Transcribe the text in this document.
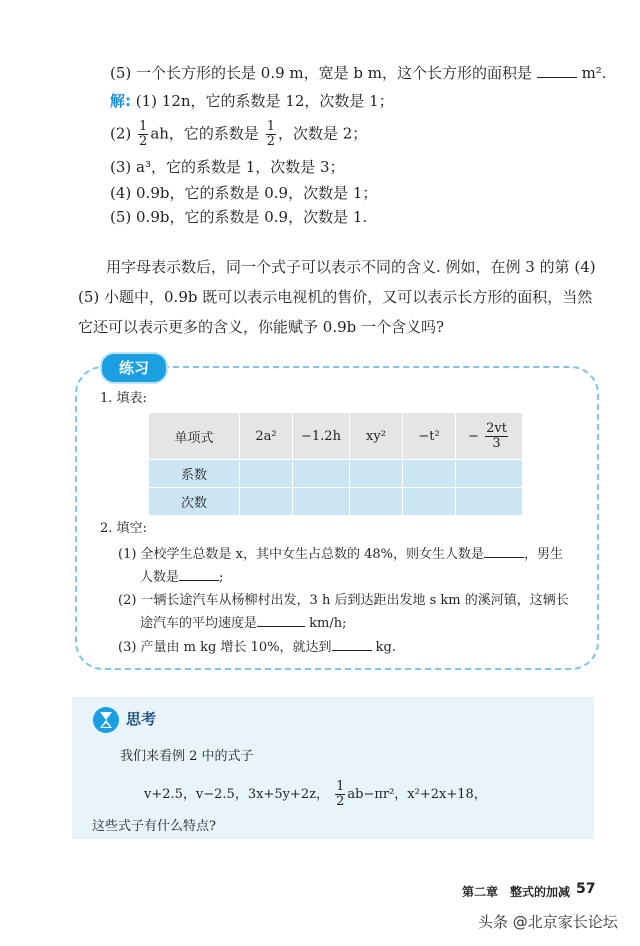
(5) 一个长方形的长是 0.9 m，宽是 b m，这个长方形的面积是	m².
解: (1) 12n，它的系数是 12，次数是 1；
$(2) \frac{1}{2}$ ah，它的系数是 $\frac{1}{2}$ ，次数是 2；
(3) a³，它的系数是 1，次数是 3；
(4) 0.9b，它的系数是 0.9，次数是 1；
(5) 0.9b，它的系数是 0.9，次数是 1.
用字母表示数后，同一个式子可以表示不同的含义. 例如，在例 3 的第 (4)(5) 小题中，0.9b 既可以表示电视机的售价，又可以表示长方形的面积，当然它还可以表示更多的含义，你能赋予 0.9b 一个含义吗?
练习
1. 填表:
单项式	2a²	−1.2h	xy²	−t²	− $\frac{2vt}{3}$

系数					
次数					
2. 填空:
(1) 全校学生总数是 x，其中女生占总数的 48%，则女生人数是	，男生
人数是	;
(2) 一辆长途汽车从杨柳村出发，3 h 后到达距出发地 s km 的溪河镇，这辆长
途汽车的平均速度是	km/h;
(3) 产量由 m kg 增长 10%，就达到	kg.
思考
我们来看例 2 中的式子
v+2.5，v−2.5，3x+5y+2z， $\frac{1}{2} ab-\pi r^2$，x²+2x+18，
这些式子有什么特点?
第二章　整式的加减 57
头条 @北京家长论坛
